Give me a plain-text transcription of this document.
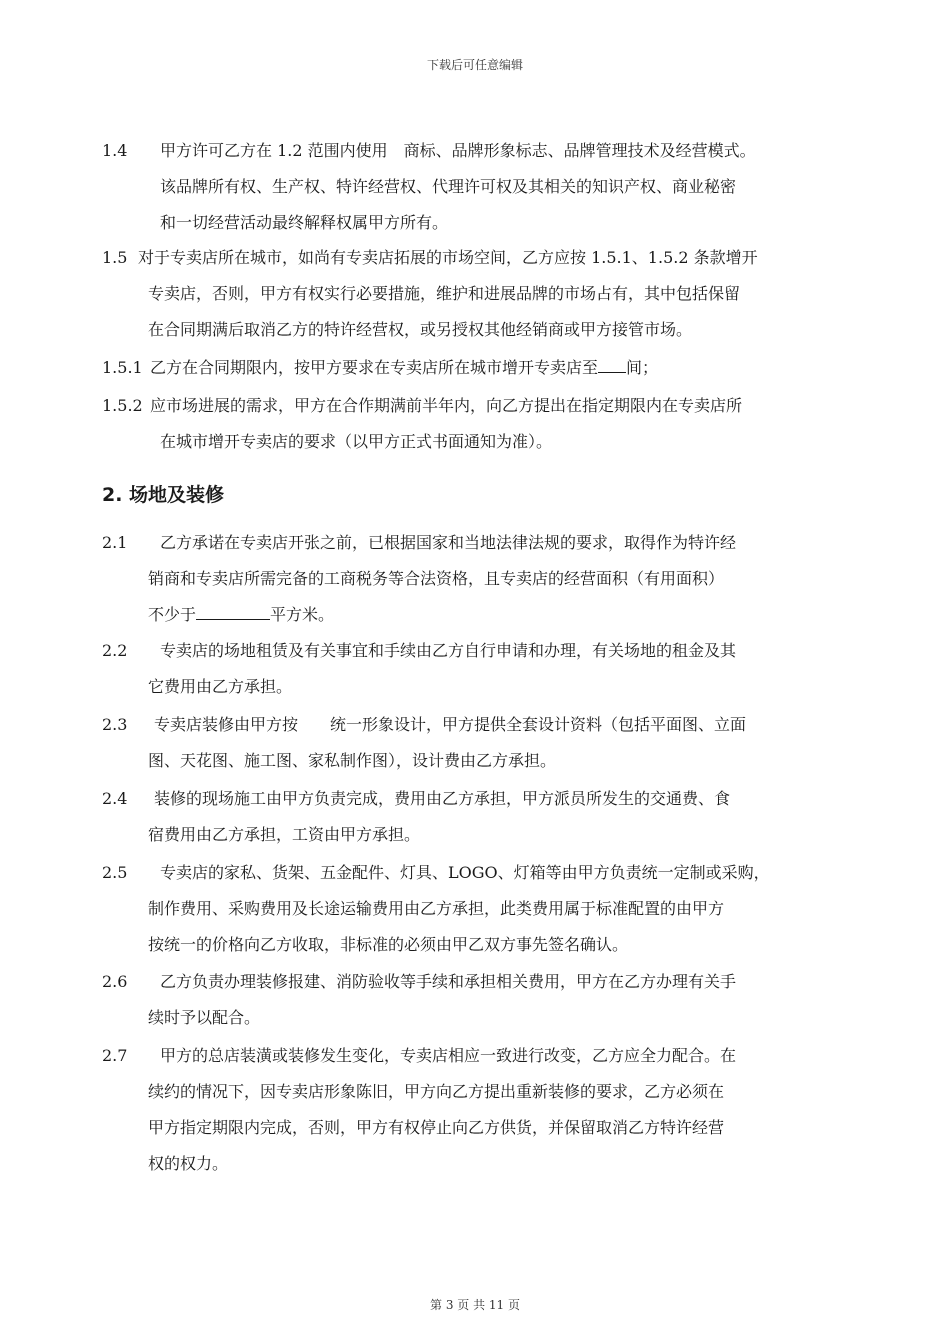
下载后可任意编辑
1.4	甲方许可乙方在 1.2 范围内使用　商标、品牌形象标志、品牌管理技术及经营模式。
该品牌所有权、生产权、特许经营权、代理许可权及其相关的知识产权、商业秘密
和一切经营活动最终解释权属甲方所有。
1.5 对于专卖店所在城市，如尚有专卖店拓展的市场空间，乙方应按 1.5.1、1.5.2 条款增开
专卖店，否则，甲方有权实行必要措施，维护和进展品牌的市场占有，其中包括保留
在合同期满后取消乙方的特许经营权，或另授权其他经销商或甲方接管市场。
1.5.1 乙方在合同期限内，按甲方要求在专卖店所在城市增开专卖店至 间；
1.5.2 应市场进展的需求，甲方在合作期满前半年内，向乙方提出在指定期限内在专卖店所
在城市增开专卖店的要求（以甲方正式书面通知为准）。
2. 场地及装修
2.1	乙方承诺在专卖店开张之前，已根据国家和当地法律法规的要求，取得作为特许经
销商和专卖店所需完备的工商税务等合法资格，且专卖店的经营面积（有用面积）
不少于	平方米。
2.2	专卖店的场地租赁及有关事宜和手续由乙方自行申请和办理，有关场地的租金及其
它费用由乙方承担。
2.3	专卖店装修由甲方按　　统一形象设计，甲方提供全套设计资料（包括平面图、立面
图、天花图、施工图、家私制作图），设计费由乙方承担。
2.4	装修的现场施工由甲方负责完成，费用由乙方承担，甲方派员所发生的交通费、食
宿费用由乙方承担，工资由甲方承担。
2.5	专卖店的家私、货架、五金配件、灯具、LOGO、灯箱等由甲方负责统一定制或采购，
制作费用、采购费用及长途运输费用由乙方承担，此类费用属于标准配置的由甲方
按统一的价格向乙方收取，非标准的必须由甲乙双方事先签名确认。
2.6	乙方负责办理装修报建、消防验收等手续和承担相关费用，甲方在乙方办理有关手
续时予以配合。
2.7	甲方的总店装潢或装修发生变化，专卖店相应一致进行改变，乙方应全力配合。在
续约的情况下，因专卖店形象陈旧，甲方向乙方提出重新装修的要求，乙方必须在
甲方指定期限内完成，否则，甲方有权停止向乙方供货，并保留取消乙方特许经营
权的权力。
第 3 页 共 11 页
